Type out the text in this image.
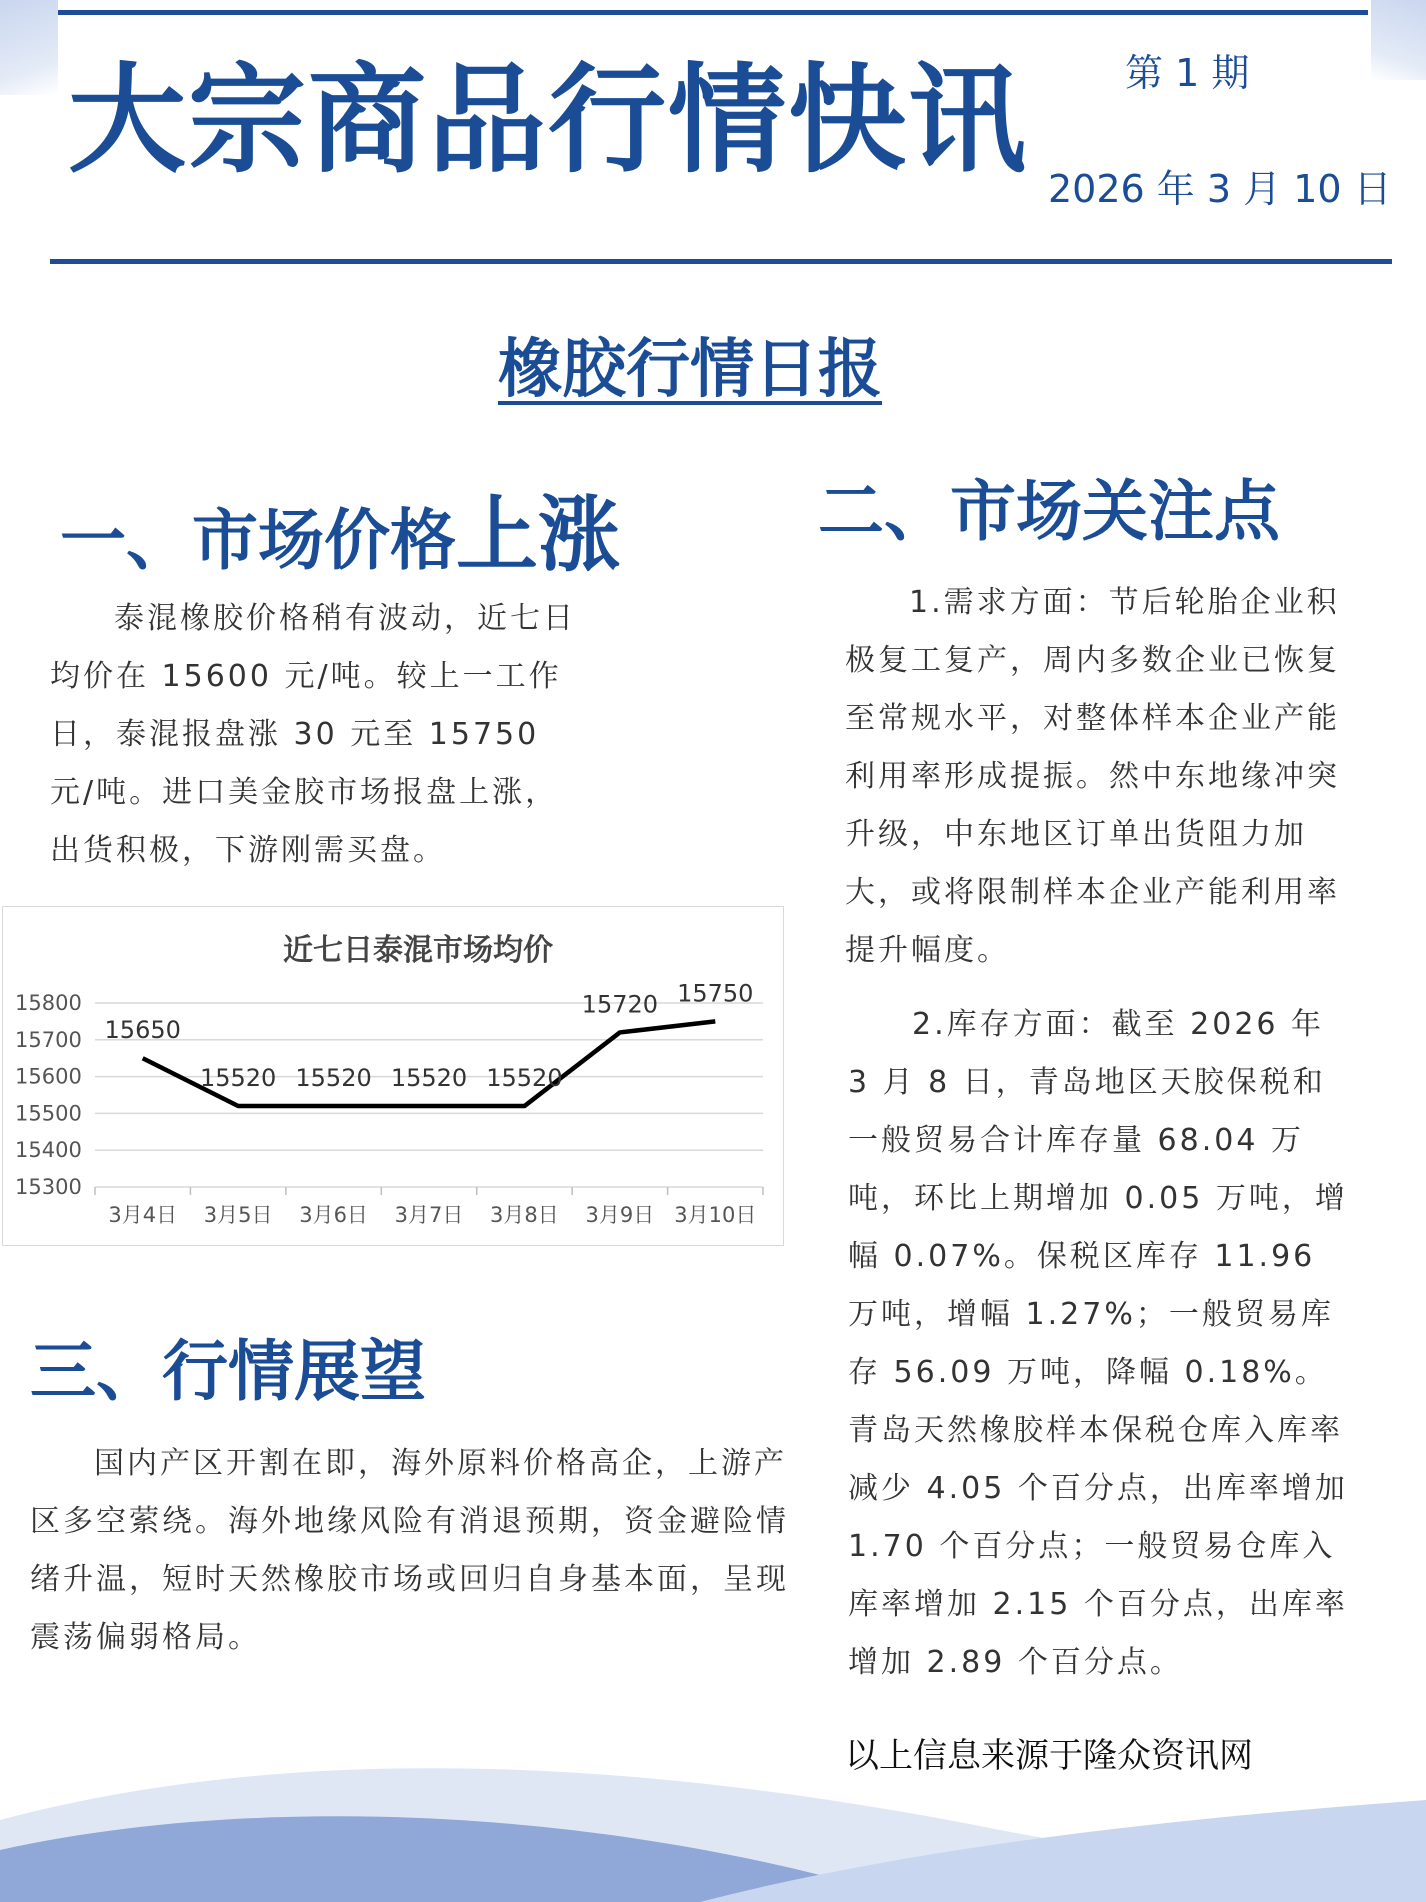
大宗商品行情快讯	第 1 期
2026 年 3 月 10 日
橡胶行情日报
一、市场价格上涨
泰混橡胶价格稍有波动，近七日均价在 15600 元/吨。较上一工作日，泰混报盘涨 30 元至 15750 元/吨。进口美金胶市场报盘上涨，出货积极，下游刚需买盘。
近七日泰混市场均价
15300
15400
15500
15600
15700
15800
3月4日 3月5日 3月6日 3月7日 3月8日 3月9日 3月10日
15650
15520 15520 15520 15520
15720 15750
三、行情展望
国内产区开割在即，海外原料价格高企，上游产区多空萦绕。海外地缘风险有消退预期，资金避险情绪升温，短时天然橡胶市场或回归自身基本面，呈现震荡偏弱格局。
二、市场关注点
1.需求方面：节后轮胎企业积极复工复产，周内多数企业已恢复至常规水平，对整体样本企业产能利用率形成提振。然中东地缘冲突升级，中东地区订单出货阻力加大，或将限制样本企业产能利用率提升幅度。
2.库存方面：截至 2026 年 3 月 8 日，青岛地区天胶保税和一般贸易合计库存量 68.04 万吨，环比上期增加 0.05 万吨，增幅 0.07%。保税区库存 11.96 万吨，增幅 1.27%；一般贸易库存 56.09 万吨，降幅 0.18%。青岛天然橡胶样本保税仓库入库率减少 4.05 个百分点，出库率增加 1.70 个百分点；一般贸易仓库入库率增加 2.15 个百分点，出库率增加 2.89 个百分点。
以上信息来源于隆众资讯网
